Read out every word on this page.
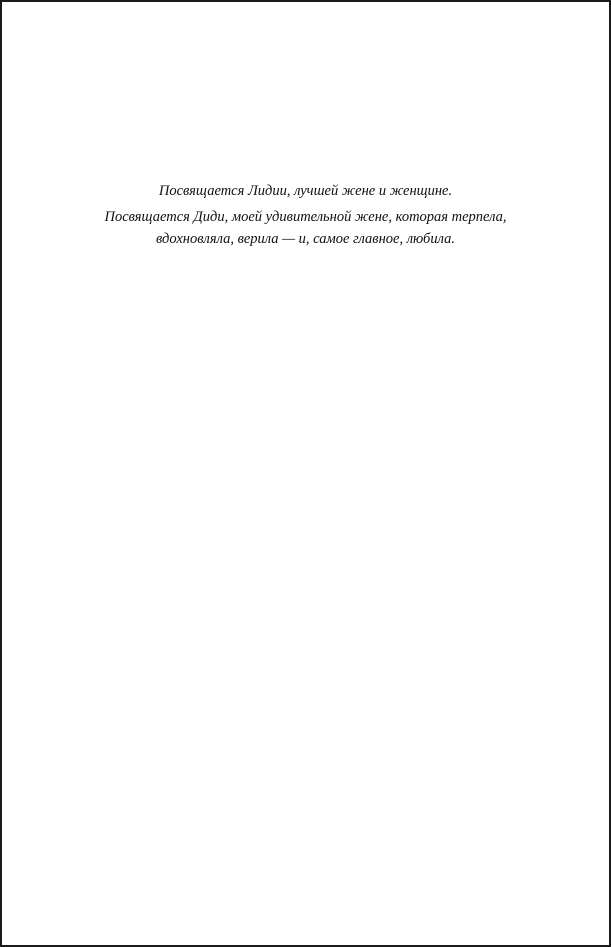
Посвящается Лидии, лучшей жене и женщине.

Посвящается Диди, моей удивительной жене, которая терпела,
вдохновляла, верила — и, самое главное, любила.
